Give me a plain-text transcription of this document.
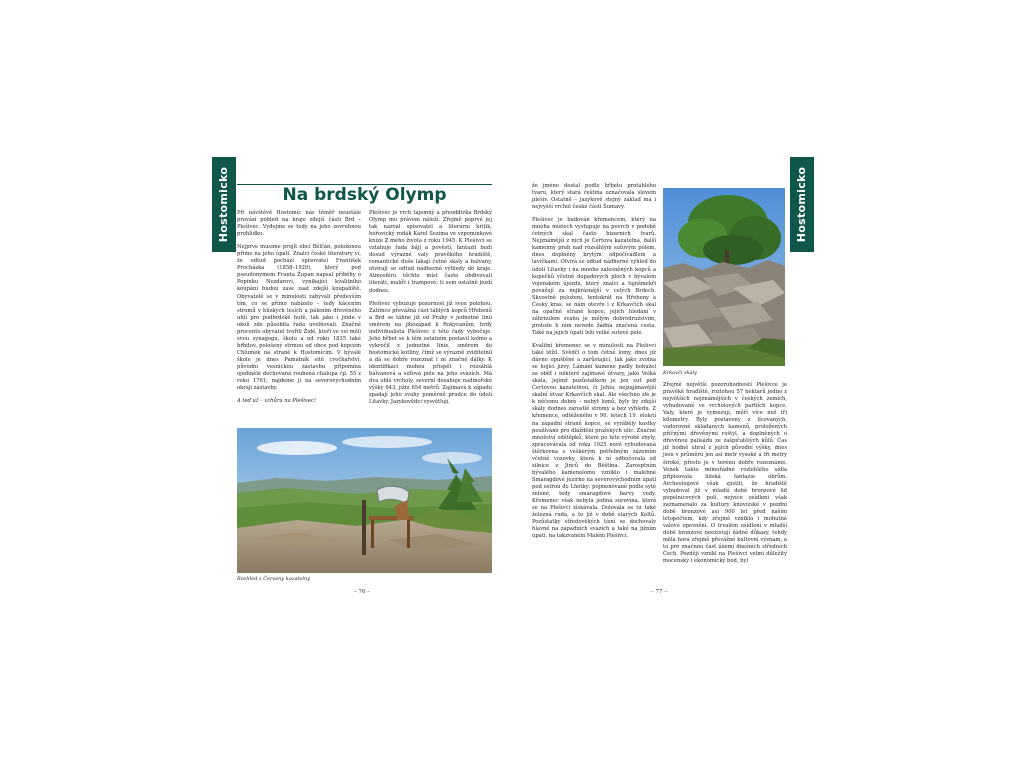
Hostomicko	Na brdský Olymp

Při návštěvě Hostomic nás těměř neustále provází pohled na kraje zdejší části Brd – Plešivec. Vydejme se tedy na jeho zevrubnou prohlídku.

Nejprve musíme projít obcí Bělčán, položenou přímo na jeho úpatí. Znalci české literatury ví, že odtud pochází spisovatel František Procházka (1858–1929), který pod pseudonymem Franta Župan napsal příběhy o Popinku Nezdarovi, vynikající kvalitního koupání budou zase zaat zdejší koupaliště. Obyvatelé se v minulosti zabývali především tím, co se přímo nabízelo – tedy kácením stromů v blízkých lesích a pálením dřevěného uhlí pro podbrdské hutě, tak jako i jinde v okolí zde působila řada uvolňovali. Značné procento obyvatel tvořili Židé, kteří ve vsi měli svou synagogu, školu a od roku 1835 také hřbitov, pološený strmou od obce pod kopcem Chlumek na straně k Hostomicím. V bývalé škole je dnes Památník sítě cvočkařství, původní vesnickou zástavbu připomíná ojedinělé dochovaná roubená chalupa čp. 55 z roku 1761; najdeme ji na severovýchodním okraji zástavby.

A teď už – vzhůru na Plešivec!

Plešivec je vrch tajemný a přeoddivka Brdský Olymp mu právem náleží. Zřejmě poprvé jej tak nazval spisovatel a literární kritik, hořovický rodák Karel Sezima ve vzpomínkové knize Z mého života z roku 1945. K Plešivci se vztahuje řada bájí a pověstí, fantazii budí dosud výrazné valy pravěkého hradiště, romantické duše lákají četné skály a balvany, otvírají se odtud nádherné výhledy do kraje. Atmosféru těchto míst často obdivovali literáti, malíři i trampové; ti sem ostatně jezdí dodnes.

Plešivec vybuzuje pozornost již svou polohou. Zatímco převážná část táhlých kopců Hřebenů a Brd se táhne již od Prahy v jednotné linii směrem na jihozápad k Rokycanům, hrdý individualista Plešivec z této řady vybočuje. Jeho hřbet se k těm ostatním postavil kolmo a vykročil z jednotné linie, směrem do hostomické kotliny, čímž se výrazně zviditelnil a dá se dobře rozeznat i ze značné dálky. K identifikaci mohou přispět i rozsáhlá balvanová a suťová pole na jeho svazích. Má dva oblé vrcholy, severní dosahuje nadmořské výšky 643, jižní 654 metrů. Zajímavá k západu spadají jeho svahy poměrně prudce do údolí Litavky. Jazykovědci vysvětlují,

Rozhled z Červeny kazatelny
– 76 –

že jméno dostal podle hřbetu protáhlého tvaru, který stará čeština označovala slovem plešiv. Ostatně – jazykově stejný základ má i nejvyšší vrchol české části Šumavy.

Plešivec je budován křemencem, který na mnoha místech vystupuje na povrch v podobě četných skal často bizarních tvarů. Nejznámější z nich je Čertova kazatelna, další kamenný prah nad rozsáhlým suťovým polem, dnes doplněný krytým odpočívadlem a lavičkami. Otvírá se odtud nádherné výhled do údolí Litavky i na mnoho zalesněných kopců a kopečků včetně dopadových ploch v bývalém vojenském újezdu, který znalci a fajnšmekři považují za nejkrásnější v celých Brdech. Skvostně položení, tentokrát na Hřebeny a Český kras, se nám otevře i z Krkavčích skal na opačné straně kopce; jejich hledání v záhrnulém svahu je mělým dobrodružstvím, protože k nim nevede žádná značená cesta. Také na jejich úpatí leží velké suťové pole.

Kvalitní křemenec se v minulosti na Plešivci také těžil. Svědčí o tom četné lomy, dnes již dávno opuštěné a zarůstající, tak jako zvolna se hojící jizvy. Lámání kamene padly bohužel za oběť i některé zajímavé útvary, jako Velká skála, jejímž pozůstatkem je jen suť pod Čertovou kazatelnou, či Jehla, nejzajímavější skalní útvar Krkavčích skal. Ale všechno zlé je k něčemu dobré – nebýt lomů, byly by zdejší skály dodnes zarostlé stromy a bez výhledu. Z křemence, odtěženého v 90. letech 19. století na západní straně kopce, se vyráběly kostky používané pro dláždění pražských ulic. Značné množství odštěpků, které po této výrobě zbyly, zpracovávala od roku 1925 nově vybudovaná štěrkovna s veškerým potřebným zázemím včetně vozovky, která k ní odbočovala od silnice z Jinců do Běštína. Zarosptním bývalého kamenolomu vzniklo i malebné Smaragdové jezírko na severovýchodním úpatí pod ostrou do Lhotky; pojmenované podle syté zelené, tedy smaragdové barvy vody. Křemenec však nebyla jediná surovina, která se na Plešivci získávala. Dolovala se tu také železná ruda, a to již v době starých Keltů. Pozůstatky středověkých tísní se dochovaly hlavně na západních svazích a také na jižním úpatí, na takzvaném Malém Plešivci.

Krkavčí skály
Hostomicko

Zřejmě největší pozoruhodností Plešivce je pravěké hradiště, rozlohou 57 hektarů jedno z největších nejznámějších v českých zemích, vybudované ve vrcholových partiích kopce. Valy, které je vymezují, měří více než tři kilometry. Byly postaveny z lícovaných, vodorovně skládaných kamenů, proložených příčnými dřevěnými roštyl, a doplněných o dřevěnou palisádu ze zašpičatělých kůlů. Čas již hodně ubral z jejich původní výšky, dnes jsou v průměru jen asi metr vysoké a tři metry široké; přesto je v terénu dobře rozeznáme. Venek takto mimořádné rozlehlého sídla připisovala lidská fantazie obrům. Archeologové však zjistili, že hradiště vybudoval již v mladší době bronzové lid popelnicových polí, nejvíce osídlení však zaznamenalo za kultury knovízské v pozdní době bronzové asi 900 let před naším letopočtem, kdy zřejmě vzniklo i mohutné valové opevnění. O trvalém osídlení v mladší době bronzové neexistují žádné důkazy, tehdy měla hora zřejmě převážné kultovní význam, a to pro značnou část území dnešních středních Čech. Později vznikl na Plešivci velmi důležitý mocenský i ekonomický bod, byl

– 77 –
